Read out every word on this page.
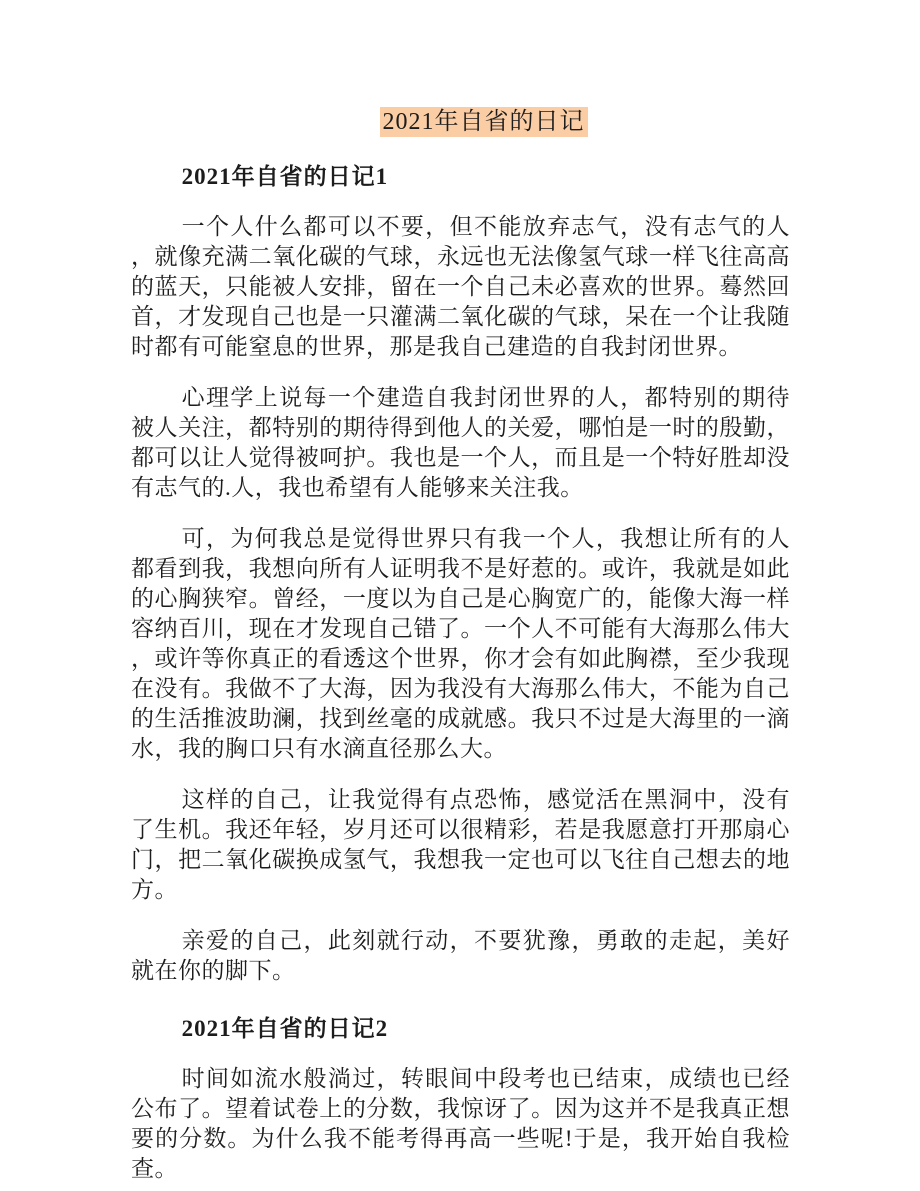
2021年自省的日记
2021年自省的日记1

一个人什么都可以不要，但不能放弃志气，没有志气的人，就像充满二氧化碳的气球，永远也无法像氢气球一样飞往高高的蓝天，只能被人安排，留在一个自己未必喜欢的世界。蓦然回首，才发现自己也是一只灌满二氧化碳的气球，呆在一个让我随时都有可能窒息的世界，那是我自己建造的自我封闭世界。

心理学上说每一个建造自我封闭世界的人，都特别的期待被人关注，都特别的期待得到他人的关爱，哪怕是一时的殷勤，都可以让人觉得被呵护。我也是一个人，而且是一个特好胜却没有志气的.人，我也希望有人能够来关注我。

可，为何我总是觉得世界只有我一个人，我想让所有的人都看到我，我想向所有人证明我不是好惹的。或许，我就是如此的心胸狭窄。曾经，一度以为自己是心胸宽广的，能像大海一样容纳百川，现在才发现自己错了。一个人不可能有大海那么伟大，或许等你真正的看透这个世界，你才会有如此胸襟，至少我现在没有。我做不了大海，因为我没有大海那么伟大，不能为自己的生活推波助澜，找到丝毫的成就感。我只不过是大海里的一滴水，我的胸口只有水滴直径那么大。

这样的自己，让我觉得有点恐怖，感觉活在黑洞中，没有了生机。我还年轻，岁月还可以很精彩，若是我愿意打开那扇心门，把二氧化碳换成氢气，我想我一定也可以飞往自己想去的地方。

亲爱的自己，此刻就行动，不要犹豫，勇敢的走起，美好就在你的脚下。

2021年自省的日记2

时间如流水般淌过，转眼间中段考也已结束，成绩也已经公布了。望着试卷上的分数，我惊讶了。因为这并不是我真正想要的分数。为什么我不能考得再高一些呢!于是，我开始自我检查。
